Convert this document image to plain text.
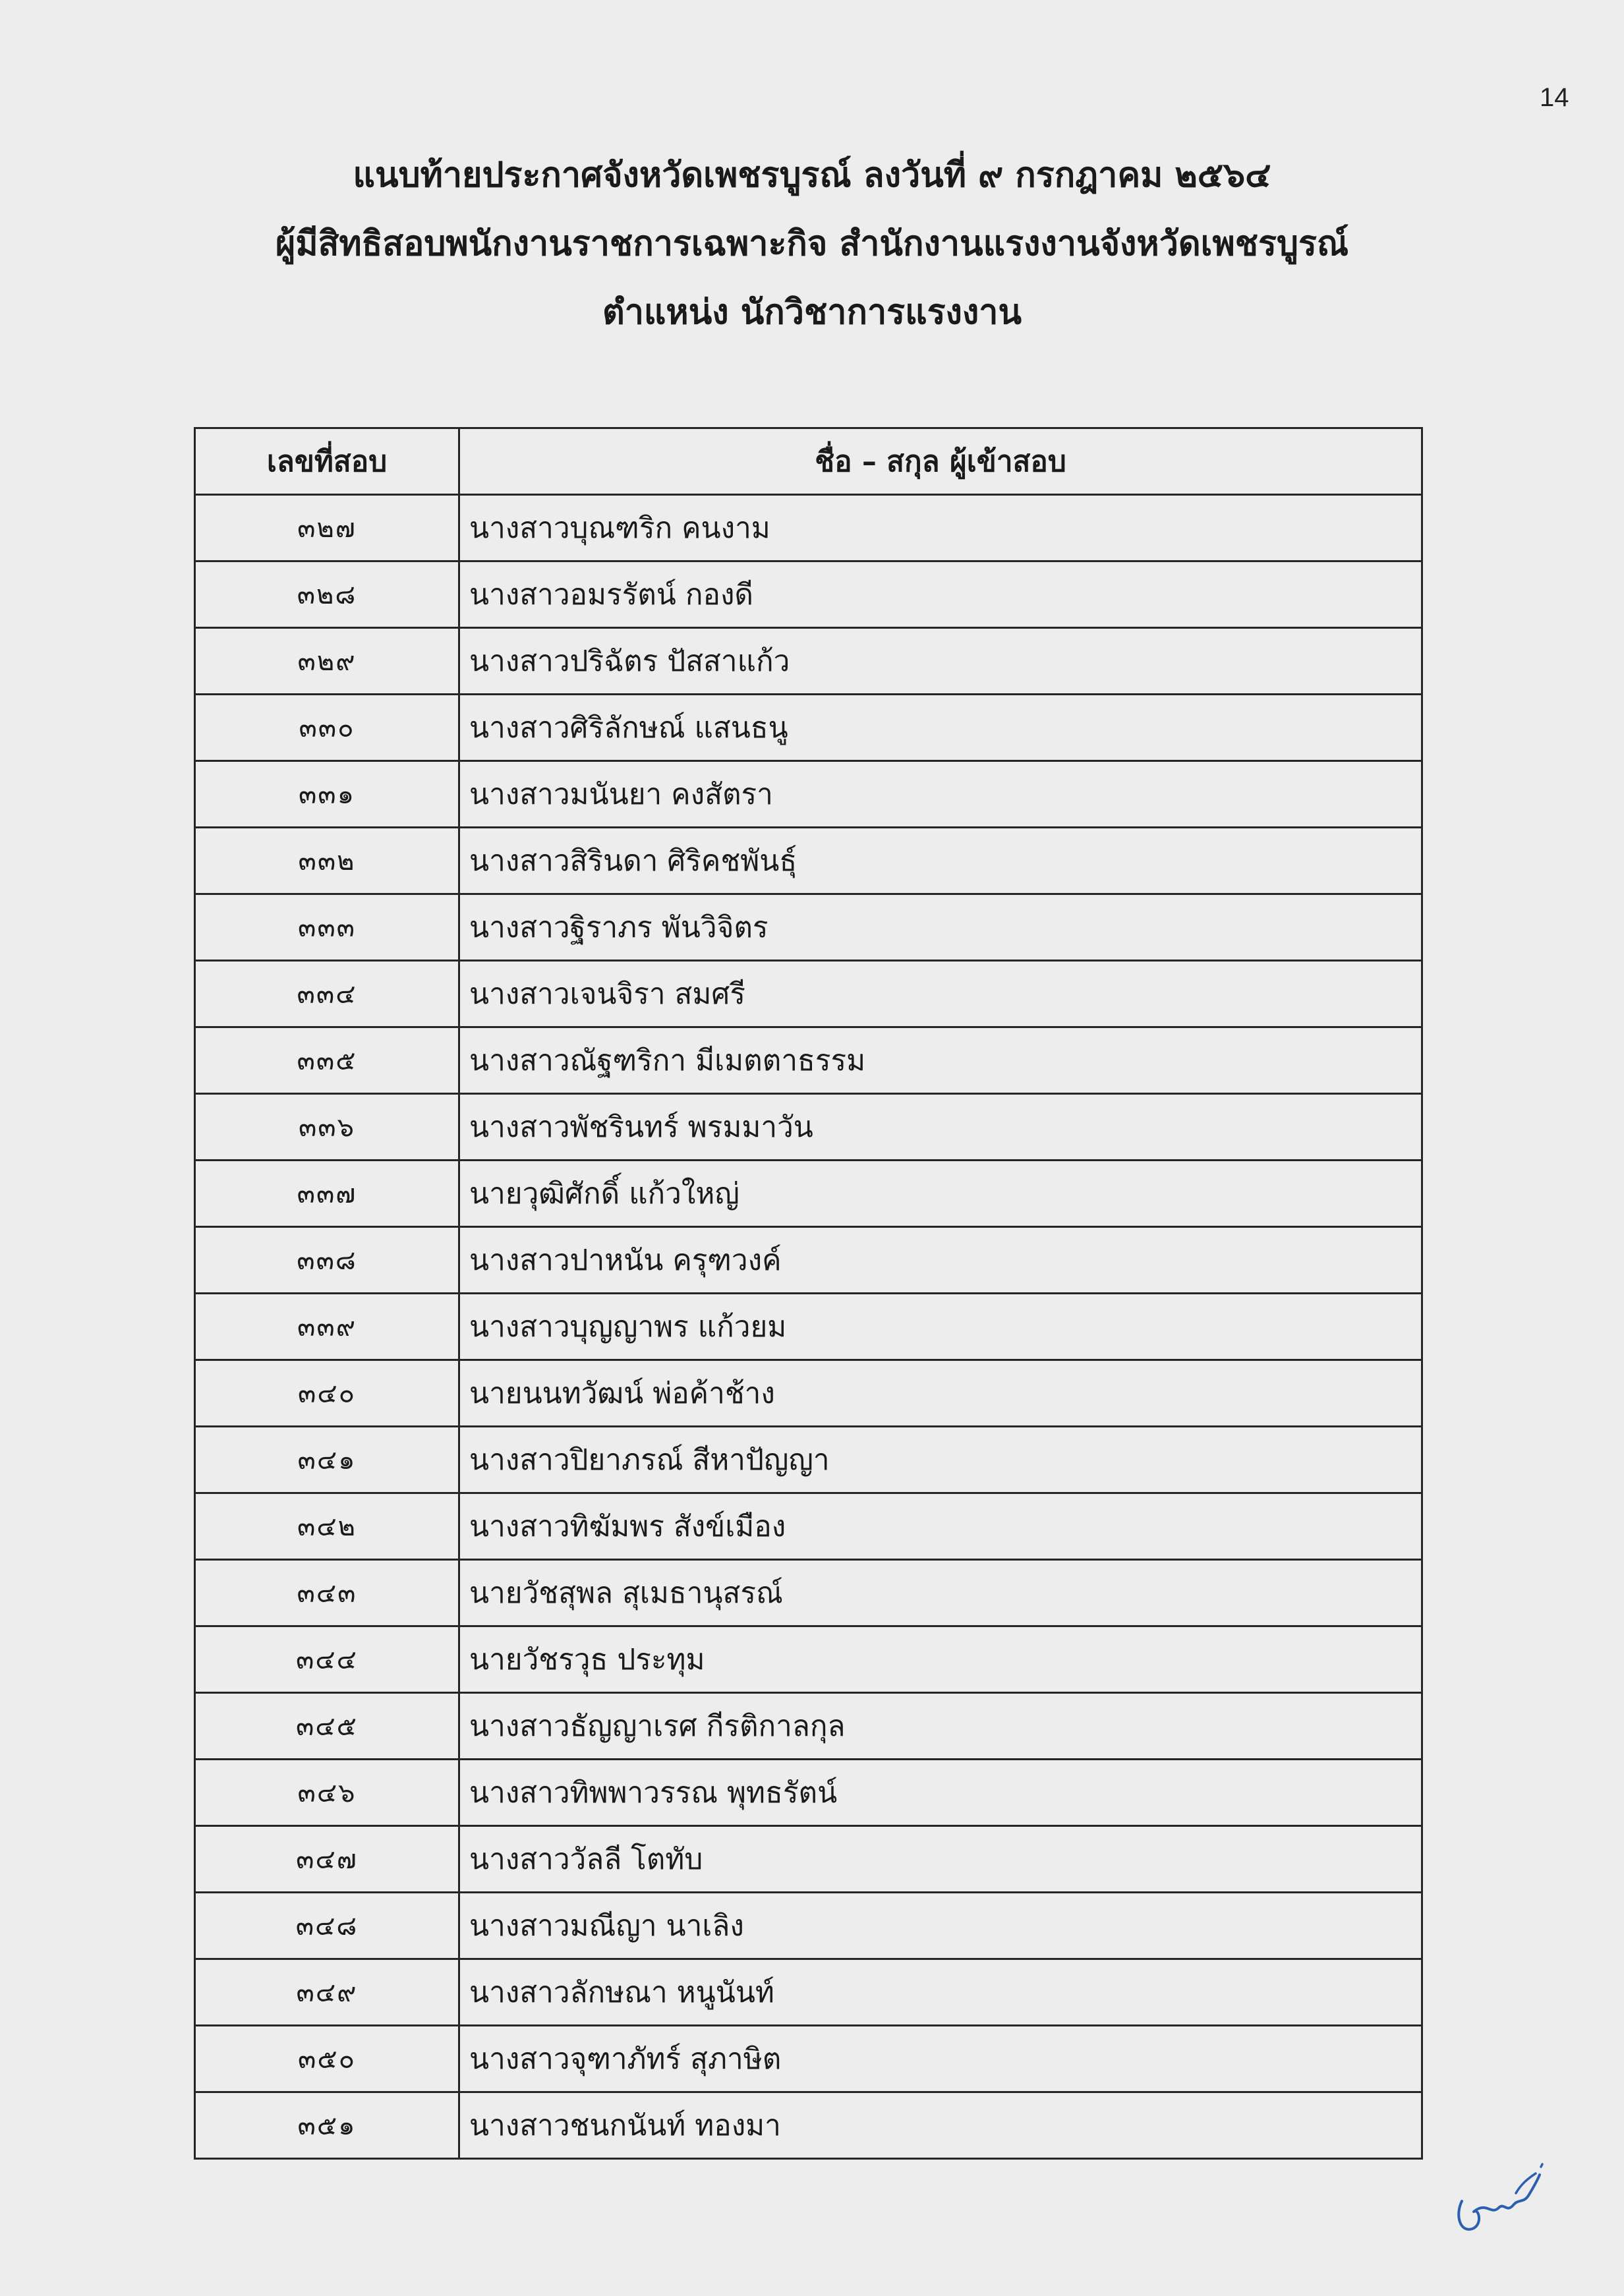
14
แนบท้ายประกาศจังหวัดเพชรบูรณ์ ลงวันที่ ๙ กรกฎาคม ๒๕๖๔
ผู้มีสิทธิสอบพนักงานราชการเฉพาะกิจ สำนักงานแรงงานจังหวัดเพชรบูรณ์
ตำแหน่ง นักวิชาการแรงงาน
เลขที่สอบ	ชื่อ – สกุล ผู้เข้าสอบ
๓๒๗	นางสาวบุณฑริก คนงาม
๓๒๘	นางสาวอมรรัตน์ กองดี
๓๒๙	นางสาวปริฉัตร ปัสสาแก้ว
๓๓๐	นางสาวศิริลักษณ์ แสนธนู
๓๓๑	นางสาวมนันยา คงสัตรา
๓๓๒	นางสาวสิรินดา ศิริคชพันธุ์
๓๓๓	นางสาวฐิราภร พันวิจิตร
๓๓๔	นางสาวเจนจิรา สมศรี
๓๓๕	นางสาวณัฐฑริกา มีเมตตาธรรม
๓๓๖	นางสาวพัชรินทร์ พรมมาวัน
๓๓๗	นายวุฒิศักดิ์ แก้วใหญ่
๓๓๘	นางสาวปาหนัน ครุฑวงค์
๓๓๙	นางสาวบุญญาพร แก้วยม
๓๔๐	นายนนทวัฒน์ พ่อค้าช้าง
๓๔๑	นางสาวปิยาภรณ์ สีหาปัญญา
๓๔๒	นางสาวทิฆัมพร สังข์เมือง
๓๔๓	นายวัชสุพล สุเมธานุสรณ์
๓๔๔	นายวัชรวุธ ประทุม
๓๔๕	นางสาวธัญญาเรศ กีรติกาลกุล
๓๔๖	นางสาวทิพพาวรรณ พุทธรัตน์
๓๔๗	นางสาววัลลี โตทับ
๓๔๘	นางสาวมณีญา นาเลิง
๓๔๙	นางสาวลักษณา หนูนันท์
๓๕๐	นางสาวจุฑาภัทร์ สุภาษิต
๓๕๑	นางสาวชนกนันท์ ทองมา
